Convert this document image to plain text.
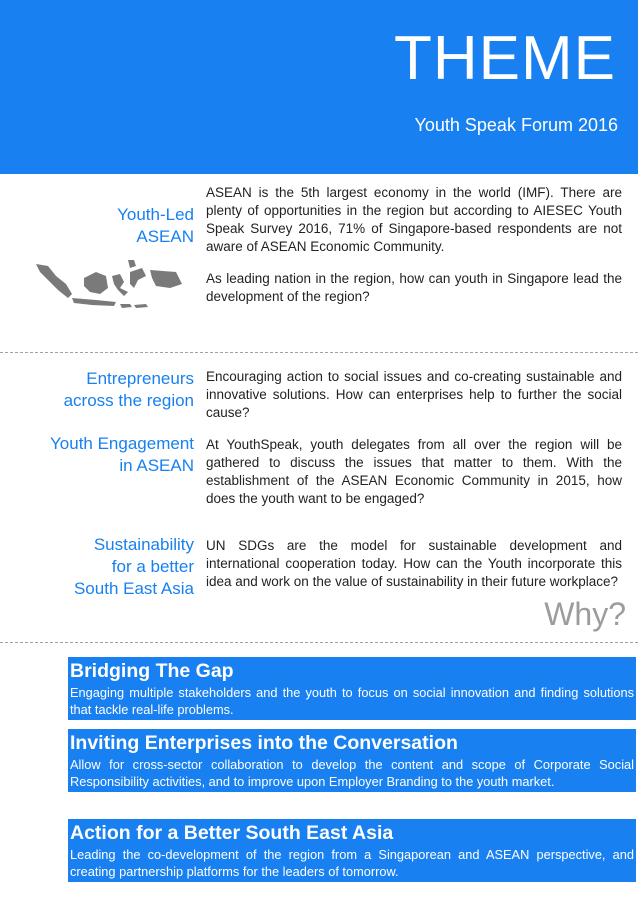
THEME
Youth Speak Forum 2016
Youth-Led
ASEAN

ASEAN is the 5th largest economy in the world (IMF). There are plenty of opportunities in the region but according to AIESEC Youth Speak Survey 2016, 71% of Singapore-based respondents are not aware of ASEAN Economic Community.

As leading nation in the region, how can youth in Singapore lead the development of the region?

Entrepreneurs
across the region

Encouraging action to social issues and co-creating sustainable and innovative solutions. How can enterprises help to further the social cause?

Youth Engagement
in ASEAN

At YouthSpeak, youth delegates from all over the region will be gathered to discuss the issues that matter to them. With the establishment of the ASEAN Economic Community in 2015, how does the youth want to be engaged?

Sustainability
for a better
South East Asia

UN SDGs are the model for sustainable development and international cooperation today. How can the Youth incorporate this idea and work on the value of sustainability in their future workplace?

Why?
Bridging The Gap
Engaging multiple stakeholders and the youth to focus on social innovation and finding solutions that tackle real-life problems.
Inviting Enterprises into the Conversation
Allow for cross-sector collaboration to develop the content and scope of Corporate Social Responsibility activities, and to improve upon Employer Branding to the youth market.
Action for a Better South East Asia
Leading the co-development of the region from a Singaporean and ASEAN perspective, and creating partnership platforms for the leaders of tomorrow.
